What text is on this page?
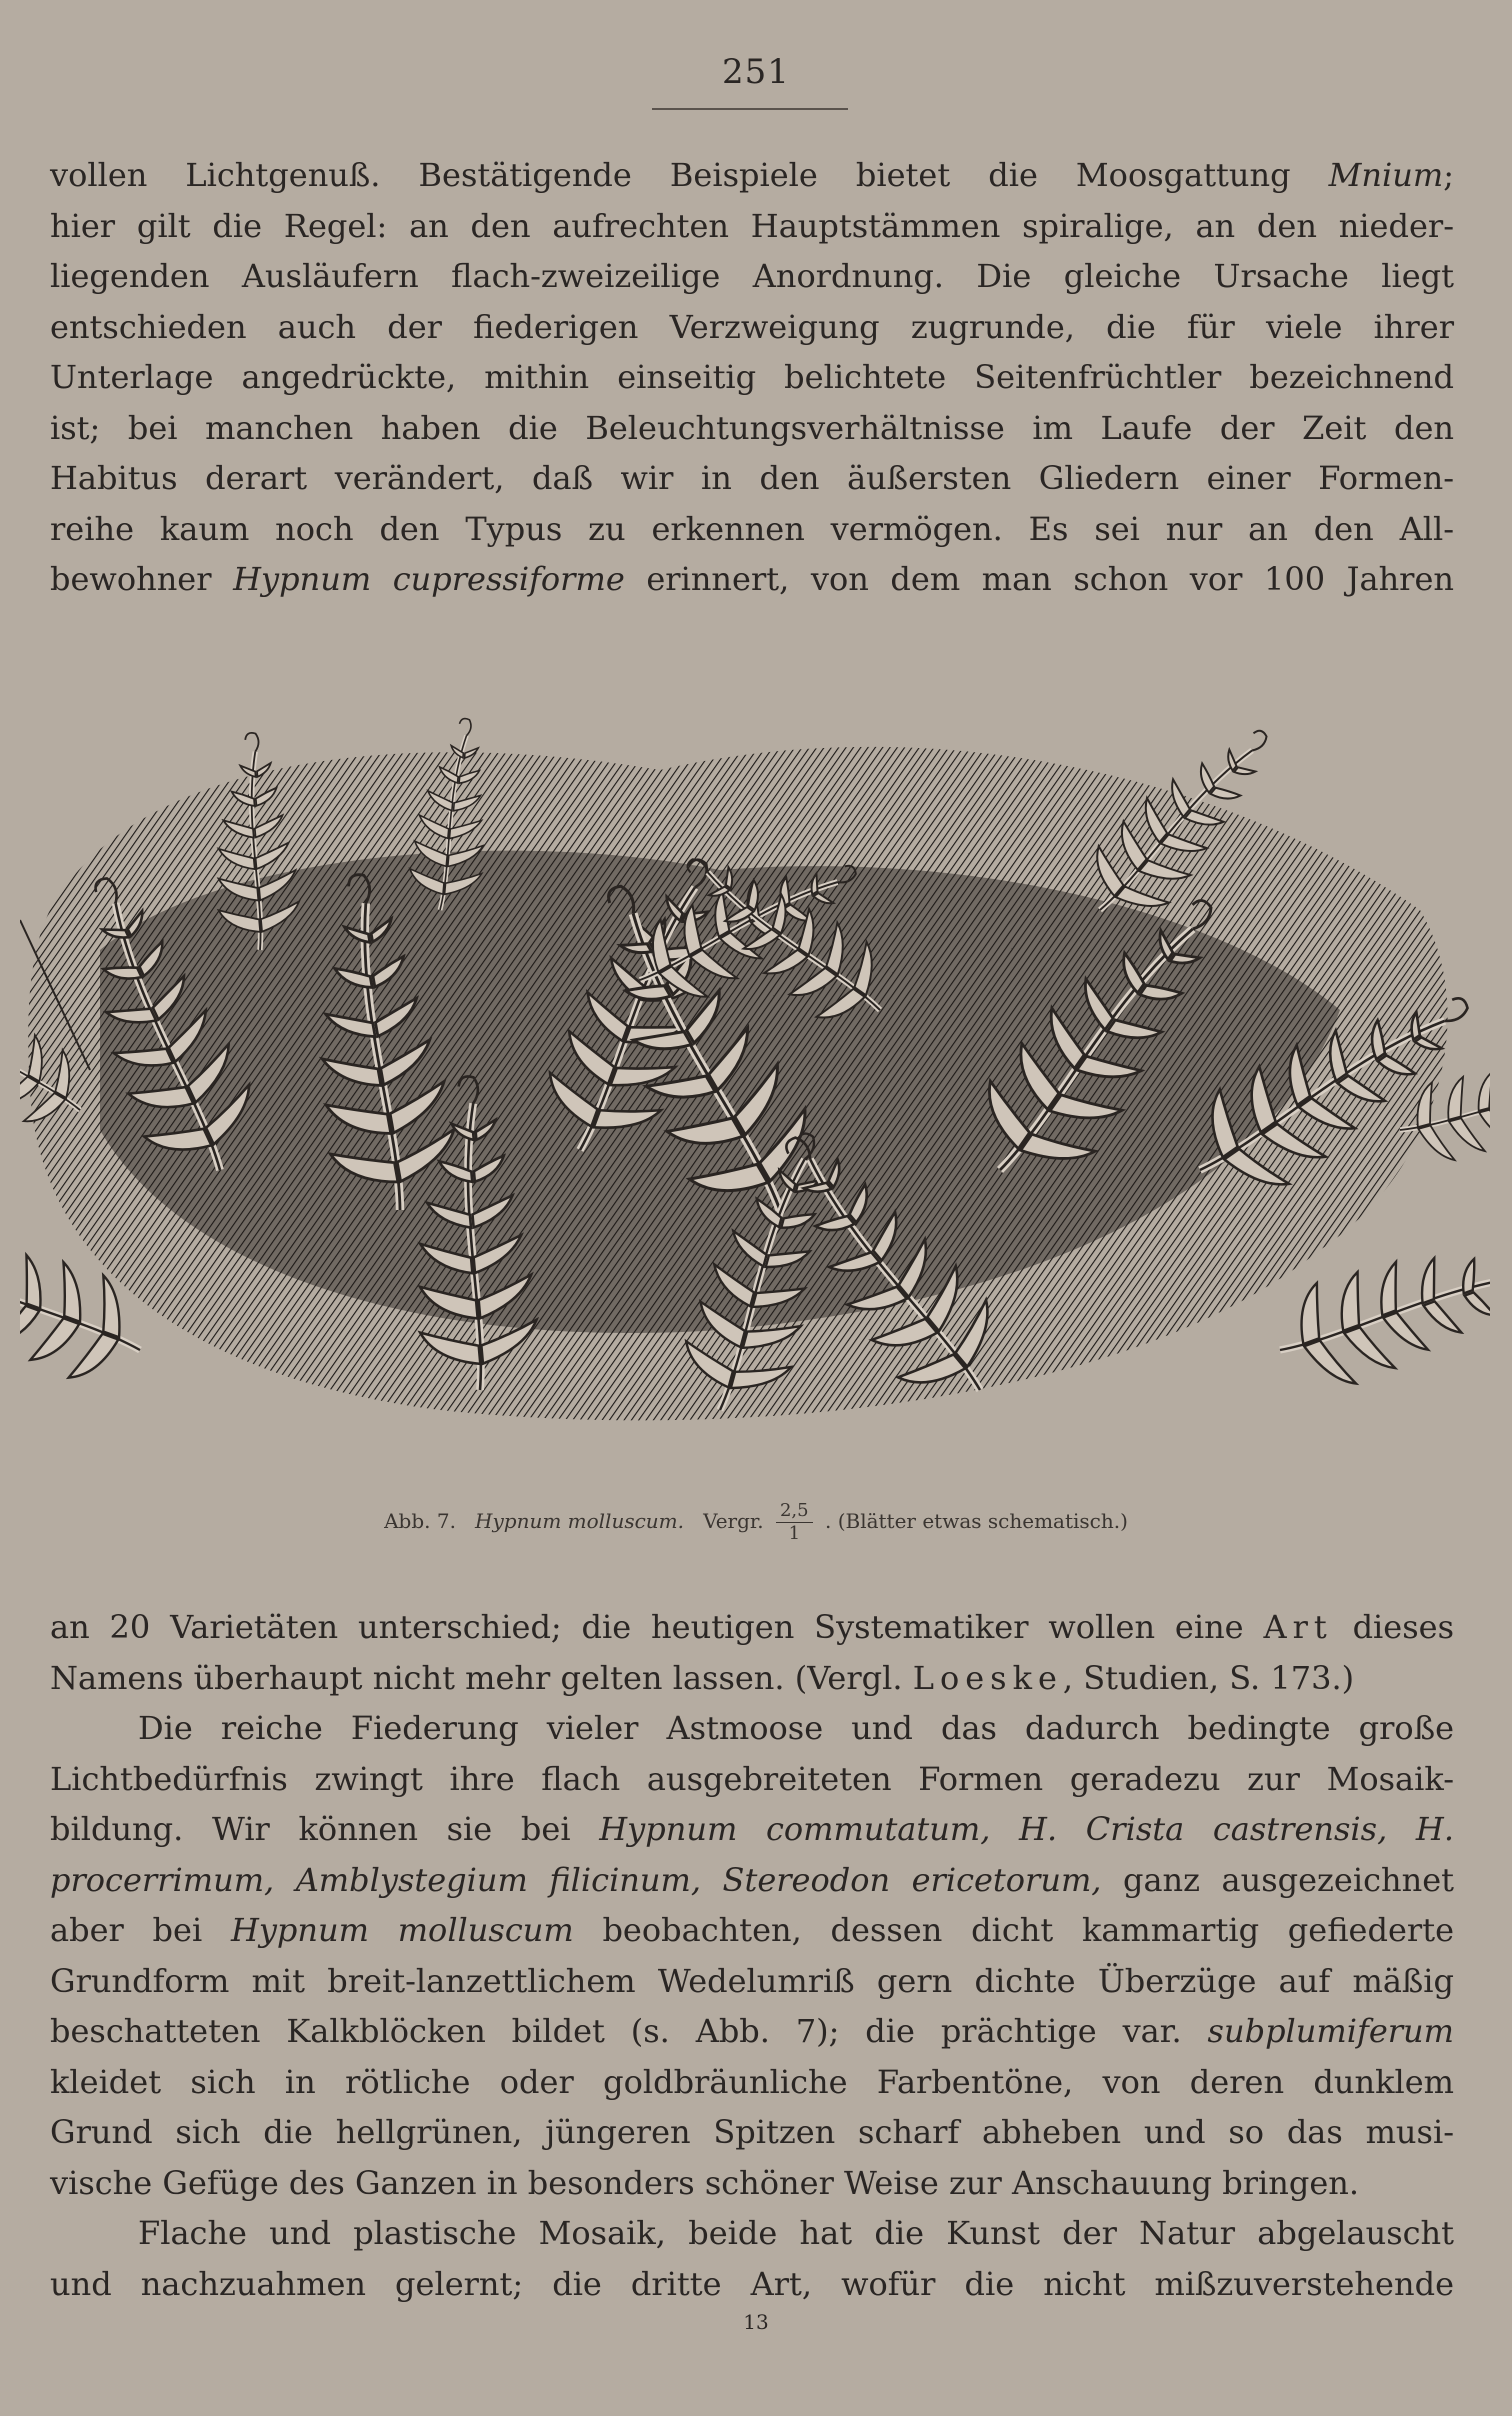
251
vollen Lichtgenuß. Bestätigende Beispiele bietet die Moosgattung Mnium;
hier gilt die Regel: an den aufrechten Hauptstämmen spiralige, an den nieder-
liegenden Ausläufern flach-zweizeilige Anordnung. Die gleiche Ursache liegt
entschieden auch der fiederigen Verzweigung zugrunde, die für viele ihrer
Unterlage angedrückte, mithin einseitig belichtete Seitenfrüchtler bezeichnend
ist; bei manchen haben die Beleuchtungsverhältnisse im Laufe der Zeit den
Habitus derart verändert, daß wir in den äußersten Gliedern einer Formen-
reihe kaum noch den Typus zu erkennen vermögen. Es sei nur an den All-
bewohner Hypnum cupressiforme erinnert, von dem man schon vor 100 Jahren
Abb. 7. Hypnum molluscum. Vergr. $\frac{2,5}{1}$ . (Blätter etwas schematisch.)
an 20 Varietäten unterschied; die heutigen Systematiker wollen eine Art dieses
Namens überhaupt nicht mehr gelten lassen. (Vergl. Loeske, Studien, S. 173.)
Die reiche Fiederung vieler Astmoose und das dadurch bedingte große
Lichtbedürfnis zwingt ihre flach ausgebreiteten Formen geradezu zur Mosaik-
bildung. Wir können sie bei Hypnum commutatum, H. Crista castrensis, H.
procerrimum, Amblystegium filicinum, Stereodon ericetorum, ganz ausgezeichnet
aber bei Hypnum molluscum beobachten, dessen dicht kammartig gefiederte
Grundform mit breit-lanzettlichem Wedelumriß gern dichte Überzüge auf mäßig
beschatteten Kalkblöcken bildet (s. Abb. 7); die prächtige var. subplumiferum
kleidet sich in rötliche oder goldbräunliche Farbentöne, von deren dunklem
Grund sich die hellgrünen, jüngeren Spitzen scharf abheben und so das musi-
vische Gefüge des Ganzen in besonders schöner Weise zur Anschauung bringen.
Flache und plastische Mosaik, beide hat die Kunst der Natur abgelauscht
und nachzuahmen gelernt; die dritte Art, wofür die nicht mißzuverstehende
13
